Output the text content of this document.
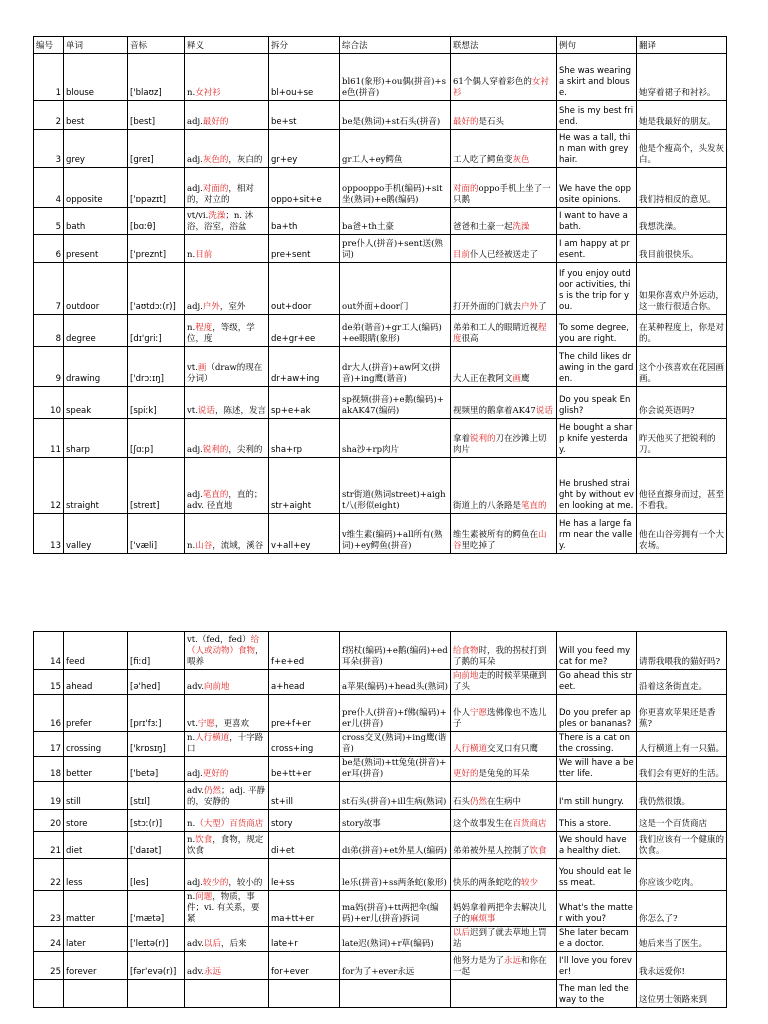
编号	单词	音标	释义	拆分	综合法	联想法	例句	翻译
1	blouse	['blaʊz]	n.女衬衫	bl+ou+se	bl61(象形)+ou偶(拼音)+se色(拼音)	61个偶人穿着彩色的女衬衫	She was wearing a skirt and blouse.	她穿着裙子和衬衫。
2	best	[best]	adj.最好的	be+st	be是(熟词)+st石头(拼音)	最好的是石头	She is my best friend.	她是我最好的朋友。
3	grey	[greɪ]	adj.灰色的，灰白的	gr+ey	gr工人+ey鳄鱼	工人吃了鳄鱼变灰色	He was a tall, thin man with grey hair.	他是个瘦高个，头发灰白。
4	opposite	['ɒpəzɪt]	adj.对面的，相对的，对立的	oppo+sit+e	oppooppo手机(编码)+sit坐(熟词)+e鹅(编码)	对面的oppo手机上坐了一只鹅	We have the opposite opinions.	我们持相反的意见。
5	bath	[bɑːθ]	vt/vi.洗澡；n. 沐浴，浴室，浴盆	ba+th	ba爸+th土豪	爸爸和土豪一起洗澡	I want to have a bath.	我想洗澡。
6	present	['preznt]	n.目前	pre+sent	pre仆人(拼音)+sent送(熟词)	目前仆人已经被送走了	I am happy at present.	我目前很快乐。
7	outdoor	['aʊtdɔː(r)]	adj.户外，室外	out+door	out外面+door门	打开外面的门就去户外了	If you enjoy outdoor activities, this is the trip for you.	如果你喜欢户外运动，这一旅行很适合你。
8	degree	[dɪ'griː]	n.程度，等级，学位，度	de+gr+ee	de弟(谐音)+gr工人(编码)+ee眼睛(象形)	弟弟和工人的眼睛近视程度很高	To some degree, you are right.	在某种程度上，你是对的。
9	drawing	['drɔːɪŋ]	vt.画（draw的现在分词）	dr+aw+ing	dr大人(拼音)+aw阿文(拼音)+ing鹰(谐音)	大人正在教阿文画鹰	The child likes drawing in the garden.	这个小孩喜欢在花园画画。
10	speak	[spiːk]	vt.说话，陈述，发言	sp+e+ak	sp视频(拼音)+e鹅(编码)+akAK47(编码)	视频里的鹅拿着AK47说话	Do you speak English?	你会说英语吗?
11	sharp	[ʃɑːp]	adj.锐利的，尖利的	sha+rp	sha沙+rp肉片	拿着锐利的刀在沙滩上切肉片	He bought a sharp knife yesterday.	昨天他买了把锐利的刀。
12	straight	[streɪt]	adj.笔直的，直的；adv. 径直地	str+aight	str街道(熟词street)+aight八(形似eight)	街道上的八条路是笔直的	He brushed straight by without even looking at me.	他径直擦身而过，甚至不看我。
13	valley	['væli]	n.山谷，流域，溪谷	v+all+ey	v维生素(编码)+all所有(熟词)+ey鳄鱼(拼音)	维生素被所有的鳄鱼在山谷里吃掉了	He has a large farm near the valley.	他在山谷旁拥有一个大农场。
14	feed	[fiːd]	vt.（fed，fed）给（人或动物）食物，喂养	f+e+ed	f拐杖(编码)+e鹅(编码)+ed耳朵(拼音)	给食物时，我的拐杖打到了鹅的耳朵	Will you feed my cat for me?	请帮我喂我的猫好吗?
15	ahead	[ə'hed]	adv.向前地	a+head	a苹果(编码)+head头(熟词)	向前地走的时候苹果砸到了头	Go ahead this street.	沿着这条街直走。
16	prefer	[prɪ'fɜː]	vt.宁愿，更喜欢	pre+f+er	pre仆人(拼音)+f佛(编码)+er儿(拼音)	仆人宁愿选佛像也不选儿子	Do you prefer apples or bananas?	你更喜欢苹果还是香蕉?
17	crossing	['krɒsɪŋ]	n.人行横道，十字路口	cross+ing	cross交叉(熟词)+ing鹰(谐音)	人行横道交叉口有只鹰	There is a cat on the crossing.	人行横道上有一只猫。
18	better	['betə]	adj.更好的	be+tt+er	be是(熟词)+tt兔兔(拼音)+er耳(拼音)	更好的是兔兔的耳朵	We will have a better life.	我们会有更好的生活。
19	still	[stɪl]	adv.仍然；adj. 平静的，安静的	st+ill	st石头(拼音)+ill生病(熟词)	石头仍然在生病中	I'm still hungry.	我仍然很饿。
20	store	[stɔː(r)]	n.（大型）百货商店	story	story故事	这个故事发生在百货商店	This a store.	这是一个百货商店
21	diet	['daɪət]	n.饮食，食物，规定饮食	di+et	di弟(拼音)+et外星人(编码)	弟弟被外星人控制了饮食	We should have a healthy diet.	我们应该有一个健康的饮食。
22	less	[les]	adj.较少的，较小的	le+ss	le乐(拼音)+ss两条蛇(象形)	快乐的两条蛇吃的较少	You should eat less meat.	你应该少吃肉。
23	matter	['mætə]	n.问题，物质，事件；vi. 有关系，要紧	ma+tt+er	ma妈(拼音)+tt两把伞(编码)+er儿(拼音)拆词	妈妈拿着两把伞去解决儿子的麻烦事	What's the matter with you?	你怎么了?
24	later	['leɪtə(r)]	adv.以后，后来	late+r	late迟(熟词)+r草(编码)	以后迟到了就去草地上罚站	She later became a doctor.	她后来当了医生。
25	forever	[fər'evə(r)]	adv.永远	for+ever	for为了+ever永远	他努力是为了永远和你在一起	I'll love you forever!	我永远爱你!
							The man led the way to the	这位男士领路来到
